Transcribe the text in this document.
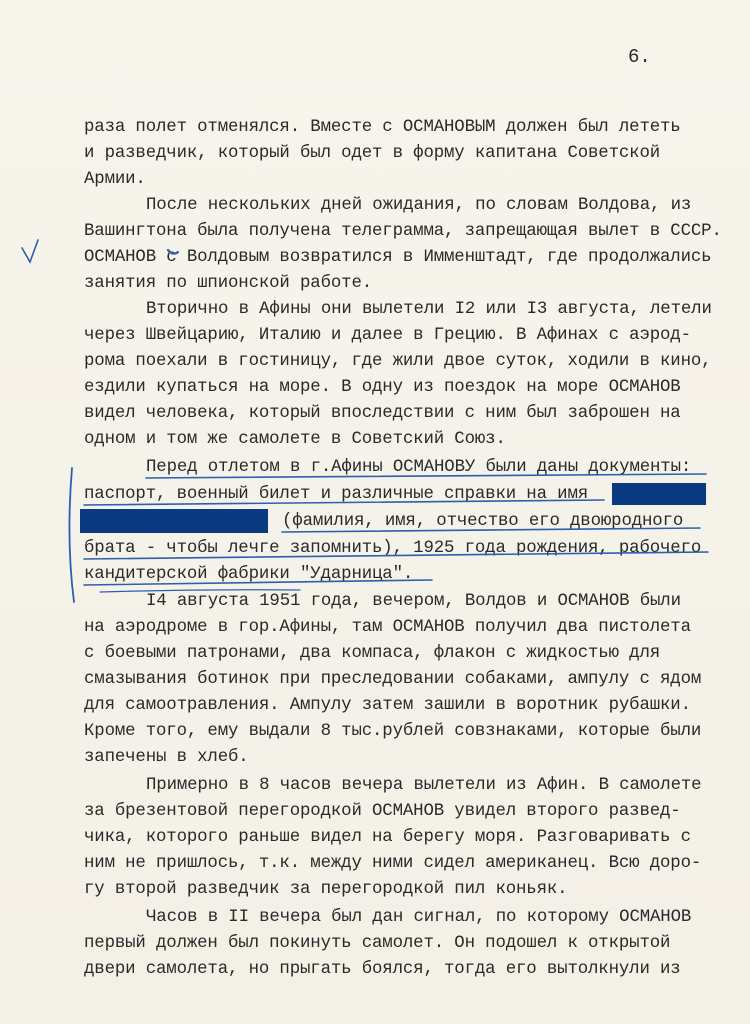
6.
раза полет отменялся. Вместе с ОСМАНОВЫМ должен был лететь
и разведчик, который был одет в форму капитана Советской
Армии.
После нескольких дней ожидания, по словам Волдова, из
Вашингтона была получена телеграмма, запрещающая вылет в СССР.
ОСМАНОВ с Волдовым возвратился в Имменштадт, где продолжались
занятия по шпионской работе.
Вторично в Афины они вылетели I2 или I3 августа, летели
через Швейцарию, Италию и далее в Грецию. В Афинах с аэрод-
рома поехали в гостиницу, где жили двое суток, ходили в кино,
ездили купаться на море. В одну из поездок на море ОСМАНОВ
видел человека, который впоследствии с ним был заброшен на
одном и том же самолете в Советский Союз.
Перед отлетом в г.Афины ОСМАНОВУ были даны документы:
паспорт, военный билет и различные справки на имя
(фамилия, имя, отчество его двоюродного
брата - чтобы лечге запомнить), 1925 года рождения, рабочего
кандитерской фабрики "Ударница".
I4 августа 1951 года, вечером, Волдов и ОСМАНОВ были
на аэродроме в гор.Афины, там ОСМАНОВ получил два пистолета
с боевыми патронами, два компаса, флакон с жидкостью для
смазывания ботинок при преследовании собаками, ампулу с ядом
для самоотравления. Ампулу затем зашили в воротник рубашки.
Кроме того, ему выдали 8 тыс.рублей совзнаками, которые были
запечены в хлеб.
Примерно в 8 часов вечера вылетели из Афин. В самолете
за брезентовой перегородкой ОСМАНОВ увидел второго развед-
чика, которого раньше видел на берегу моря. Разговаривать с
ним не пришлось, т.к. между ними сидел американец. Всю доро-
гу второй разведчик за перегородкой пил коньяк.
Часов в II вечера был дан сигнал, по которому ОСМАНОВ
первый должен был покинуть самолет. Он подошел к открытой
двери самолета, но прыгать боялся, тогда его вытолкнули из
